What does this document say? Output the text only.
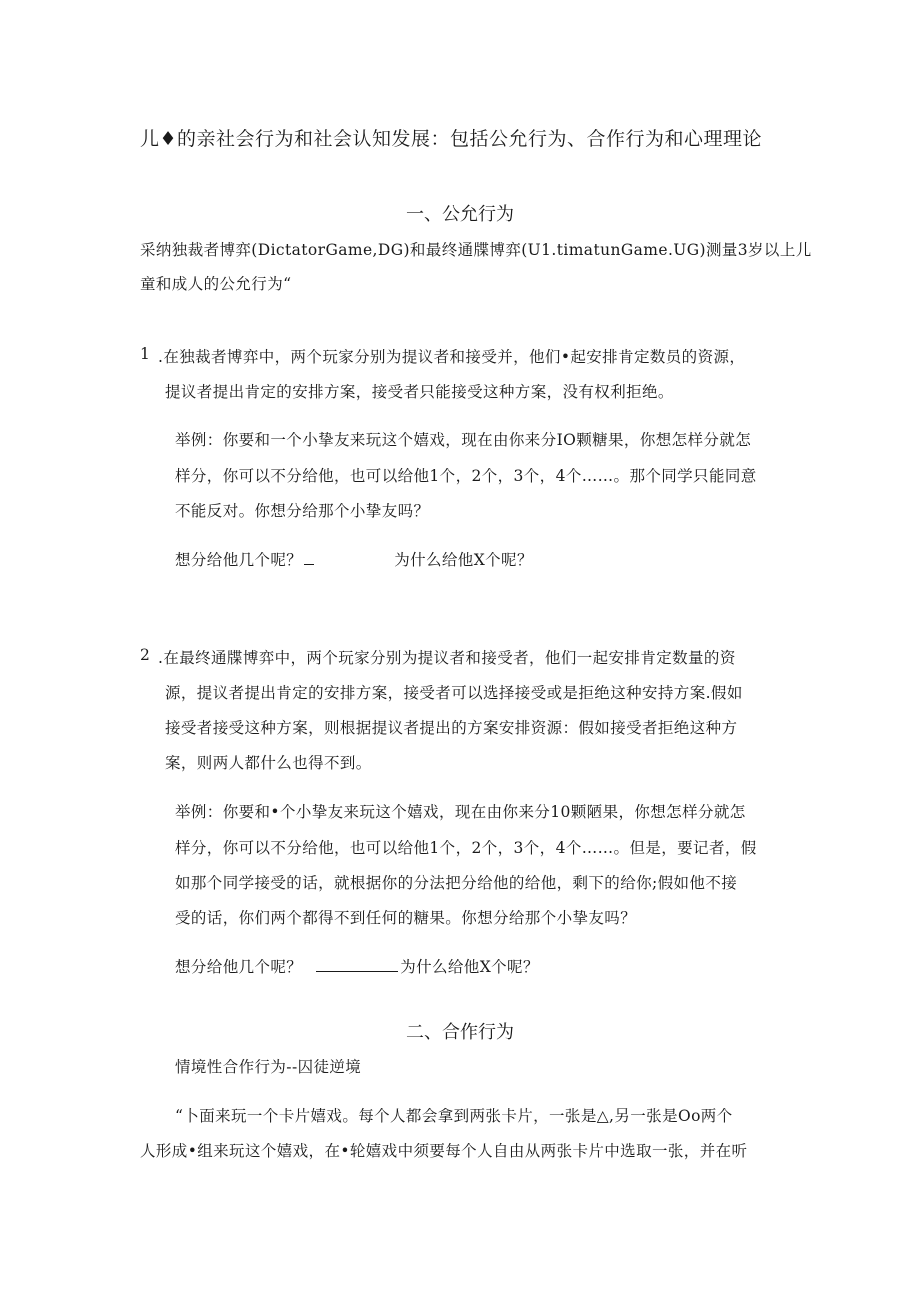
儿♦的亲社会行为和社会认知发展：包括公允行为、合作行为和心理理论
一、公允行为
采纳独裁者博弈(DictatorGame,DG)和最终通牒博弈(U1.timatunGame.UG)测量3岁以上儿
童和成人的公允行为“
1 .在独裁者博弈中，两个玩家分别为提议者和接受并，他们•起安排肯定数员的资源，
提议者提出肯定的安排方案，接受者只能接受这种方案，没有权利拒绝。
举例：你要和一个小挚友来玩这个嬉戏，现在由你来分IO颗糖果，你想怎样分就怎
样分，你可以不分给他，也可以给他1个，2个，3个，4个……。那个同学只能同意
不能反对。你想分给那个小挚友吗？
想分给他几个呢？	为什么给他X个呢？
2 .在最终通牒博弈中，两个玩家分别为提议者和接受者，他们一起安排肯定数量的资
源，提议者提出肯定的安排方案，接受者可以选择接受或是拒绝这种安持方案.假如
接受者接受这种方案，则根据提议者提出的方案安排资源：假如接受者拒绝这种方
案，则两人都什么也得不到。
举例：你要和•个小挚友来玩这个嬉戏，现在由你来分10颗陋果，你想怎样分就怎
样分，你可以不分给他，也可以给他1个，2个，3个，4个……。但是，要记者，假
如那个同学接受的话，就根据你的分法把分给他的给他，剩下的给你;假如他不接
受的话，你们两个都得不到任何的糖果。你想分给那个小挚友吗？
想分给他几个呢？	为什么给他X个呢？
二、合作行为
情境性合作行为--囚徒逆境
“卜面来玩一个卡片嬉戏。每个人都会拿到两张卡片，一张是△,另一张是Oo两个
人形成•组来玩这个嬉戏，在•轮嬉戏中须要每个人自由从两张卡片中选取一张，并在听
